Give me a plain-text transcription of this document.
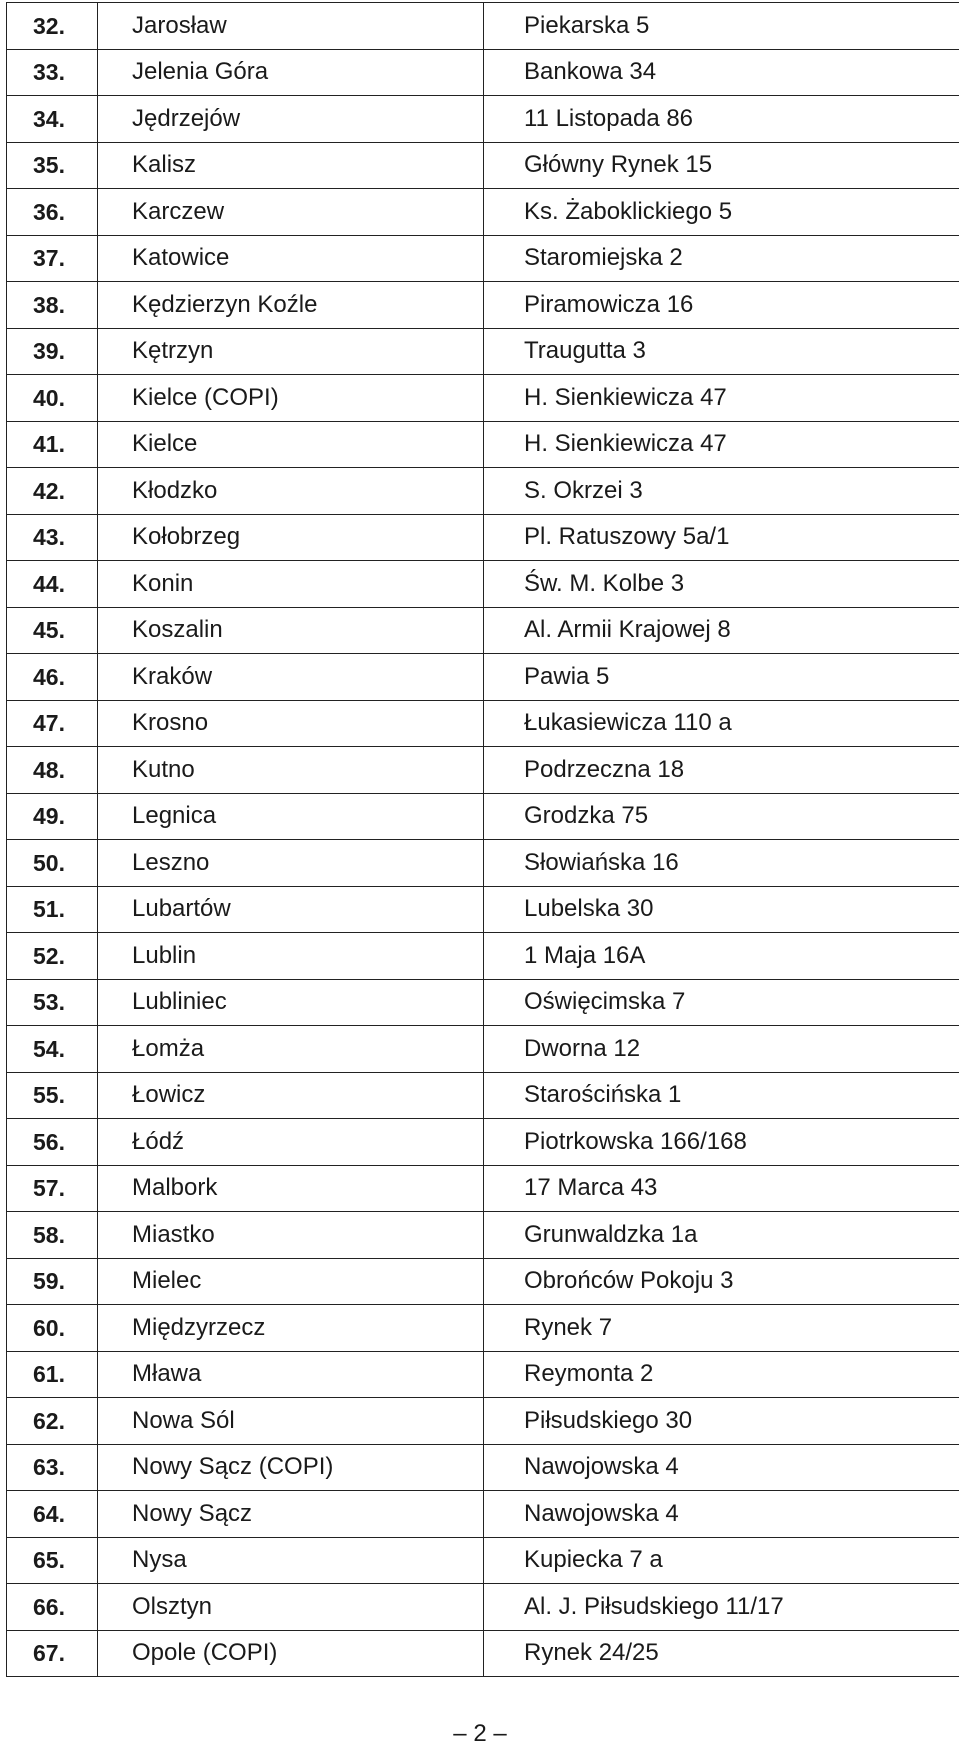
32.	Jarosław	Piekarska 5
33.	Jelenia Góra	Bankowa 34
34.	Jędrzejów	11 Listopada 86
35.	Kalisz	Główny Rynek 15
36.	Karczew	Ks. Żaboklickiego 5
37.	Katowice	Staromiejska 2
38.	Kędzierzyn Koźle	Piramowicza 16
39.	Kętrzyn	Traugutta 3
40.	Kielce (COPI)	H. Sienkiewicza 47
41.	Kielce	H. Sienkiewicza 47
42.	Kłodzko	S. Okrzei 3
43.	Kołobrzeg	Pl. Ratuszowy 5a/1
44.	Konin	Św. M. Kolbe 3
45.	Koszalin	Al. Armii Krajowej 8
46.	Kraków	Pawia 5
47.	Krosno	Łukasiewicza 110 a
48.	Kutno	Podrzeczna 18
49.	Legnica	Grodzka 75
50.	Leszno	Słowiańska 16
51.	Lubartów	Lubelska 30
52.	Lublin	1 Maja 16A
53.	Lubliniec	Oświęcimska 7
54.	Łomża	Dworna 12
55.	Łowicz	Starościńska 1
56.	Łódź	Piotrkowska 166/168
57.	Malbork	17 Marca 43
58.	Miastko	Grunwaldzka 1a
59.	Mielec	Obrońców Pokoju 3
60.	Międzyrzecz	Rynek 7
61.	Mława	Reymonta 2
62.	Nowa Sól	Piłsudskiego 30
63.	Nowy Sącz (COPI)	Nawojowska 4
64.	Nowy Sącz	Nawojowska 4
65.	Nysa	Kupiecka 7 a
66.	Olsztyn	Al. J. Piłsudskiego 11/17
67.	Opole (COPI)	Rynek 24/25
– 2 –
